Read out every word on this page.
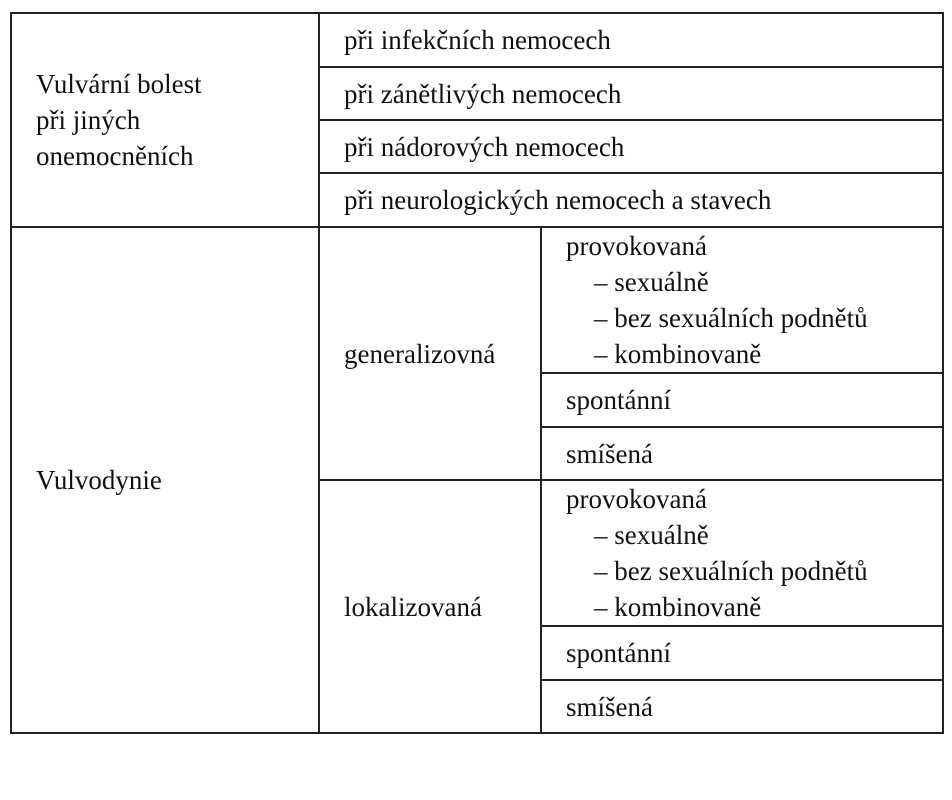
Vulvární bolest
při jiných
onemocněních	při infekčních nemocech	
	při zánětlivých nemocech	
	při nádorových nemocech	
	při neurologických nemocech a stavech	
Vulvodynie	generalizovná	provokovaná
– sexuálně
– bez sexuálních podnětů
– kombinovaně

		spontánní
		smíšená
	lokalizovaná	provokovaná
– sexuálně
– bez sexuálních podnětů
– kombinovaně

		spontánní
		smíšená
